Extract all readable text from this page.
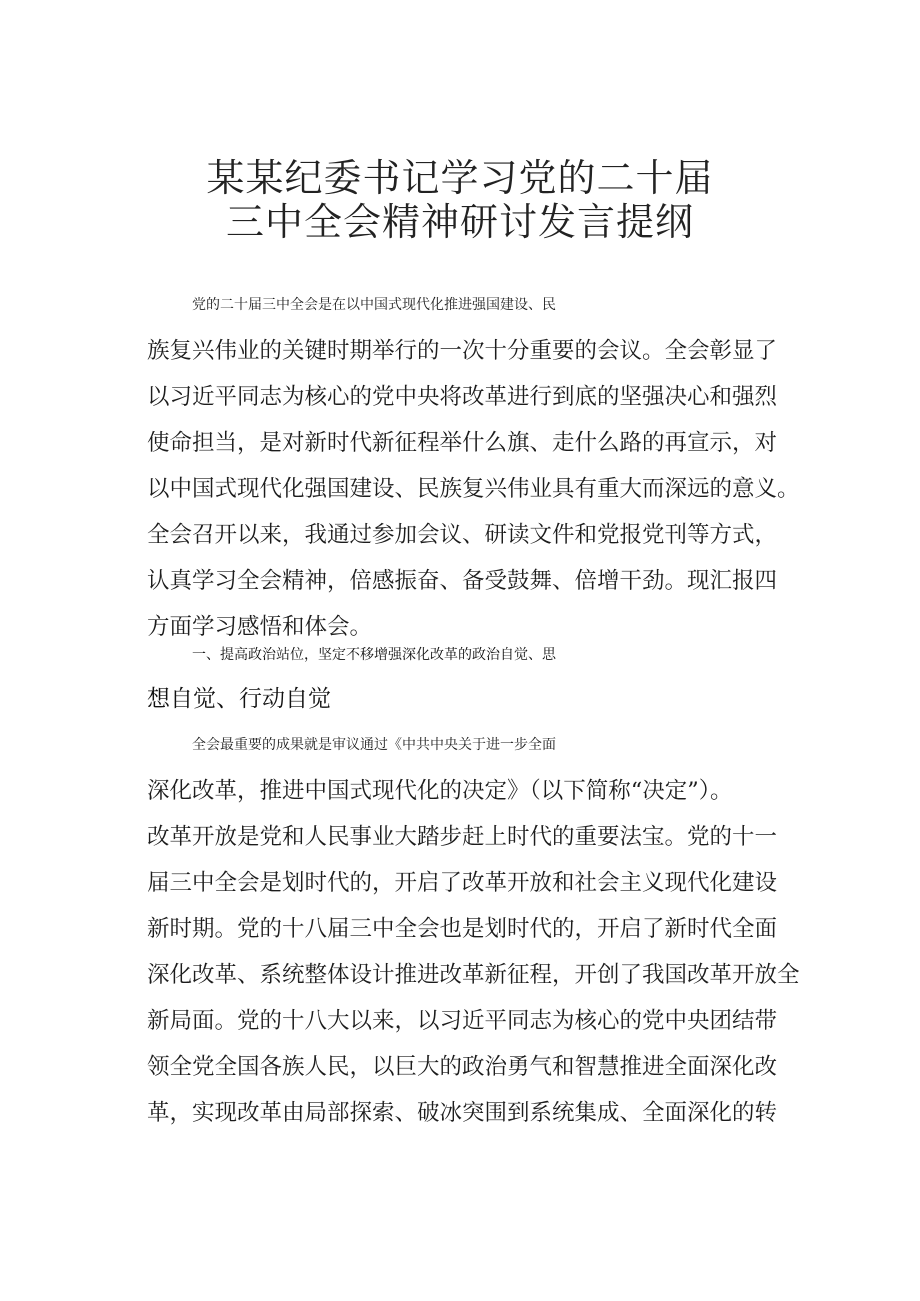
某某纪委书记学习党的二十届
三中全会精神研讨发言提纲
党的二十届三中全会是在以中国式现代化推进强国建设、民
族复兴伟业的关键时期举行的一次十分重要的会议。全会彰显了
以习近平同志为核心的党中央将改革进行到底的坚强决心和强烈
使命担当，是对新时代新征程举什么旗、走什么路的再宣示，对
以中国式现代化强国建设、民族复兴伟业具有重大而深远的意义。
全会召开以来，我通过参加会议、研读文件和党报党刊等方式，
认真学习全会精神，倍感振奋、备受鼓舞、倍增干劲。现汇报四
方面学习感悟和体会。
一、提高政治站位，坚定不移增强深化改革的政治自觉、思
想自觉、行动自觉
全会最重要的成果就是审议通过《中共中央关于进一步全面
深化改革，推进中国式现代化的决定》（以下简称“决定”）。
改革开放是党和人民事业大踏步赶上时代的重要法宝。党的十一
届三中全会是划时代的，开启了改革开放和社会主义现代化建设
新时期。党的十八届三中全会也是划时代的，开启了新时代全面
深化改革、系统整体设计推进改革新征程，开创了我国改革开放全
新局面。党的十八大以来，以习近平同志为核心的党中央团结带
领全党全国各族人民，以巨大的政治勇气和智慧推进全面深化改
革，实现改革由局部探索、破冰突围到系统集成、全面深化的转
